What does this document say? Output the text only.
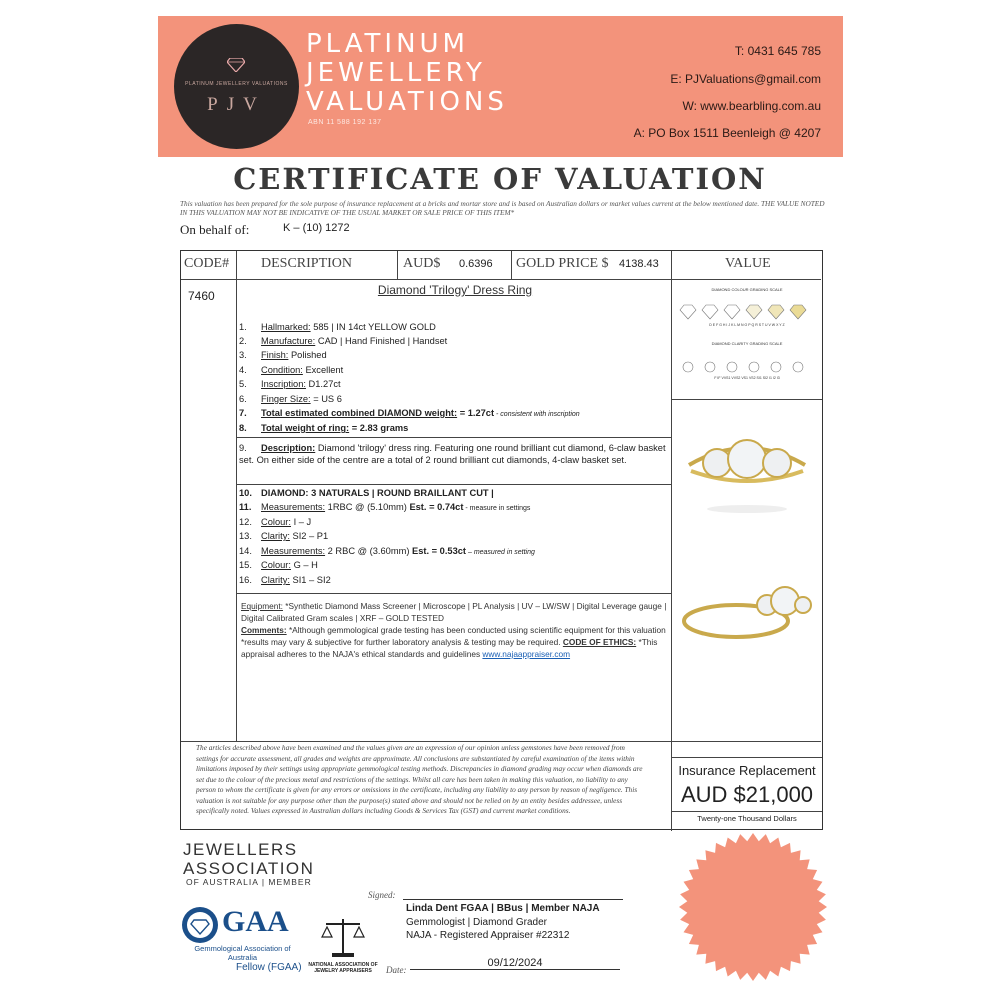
PLATINUM JEWELLERY VALUATIONS
PJV
PLATINUM
JEWELLERY
VALUATIONS
ABN 11 588 192 137
T: 0431 645 785
E: PJValuations@gmail.com
W: www.bearbling.com.au
A: PO Box 1511 Beenleigh @ 4207
CERTIFICATE OF VALUATION
This valuation has been prepared for the sole purpose of insurance replacement at a bricks and mortar store and is based on Australian dollars or market values current at the below mentioned date. THE VALUE NOTED IN THIS VALUATION MAY NOT BE INDICATIVE OF THE USUAL MARKET OR SALE PRICE OF THIS ITEM*
On behalf of:	K – (10) 1272
CODE# DESCRIPTION	AUD$ 0.6396 GOLD PRICE $ 4138.43	VALUE
7460	Diamond 'Trilogy' Dress Ring
1. Hallmarked: 585 | IN 14ct YELLOW GOLD
2. Manufacture: CAD | Hand Finished | Handset
3. Finish: Polished
4. Condition: Excellent
5. Inscription: D1.27ct
6. Finger Size: = US 6
7. Total estimated combined DIAMOND weight: = 1.27ct - consistent with inscription
8. Total weight of ring: = 2.83 grams
9. Description: Diamond 'trilogy' dress ring. Featuring one round brilliant cut diamond, 6-claw basket set. On either side of the centre are a total of 2 round brilliant cut diamonds, 4-claw basket set.
10. DIAMOND: 3 NATURALS | ROUND BRAILLANT CUT |
11. Measurements: 1RBC @ (5.10mm) Est. = 0.74ct - measure in settings
12. Colour: I – J
13. Clarity: SI2 – P1
14. Measurements: 2 RBC @ (3.60mm) Est. = 0.53ct – measured in setting
15. Colour: G – H
16. Clarity: SI1 – SI2
Equipment: *Synthetic Diamond Mass Screener | Microscope | PL Analysis | UV – LW/SW | Digital Leverage gauge | Digital Calibrated Gram scales | XRF – GOLD TESTED
Comments: *Although gemmological grade testing has been conducted using scientific equipment for this valuation *results may vary & subjective for further laboratory analysis & testing may be required. CODE OF ETHICS: *This appraisal adheres to the NAJA's ethical standards and guidelines www.najaappraiser.com
DIAMOND COLOUR GRADING SCALE
D E F G H I J K L M N O P Q R S T U V W X Y Z
DIAMOND CLARITY GRADING SCALE
F IF VVS1 VVS2 VS1 VS2 SI1 SI2 I1 I2 I3
The articles described above have been examined and the values given are an expression of our opinion unless gemstones have been removed from settings for accurate assessment, all grades and weights are approximate. All conclusions are substantiated by careful examination of the items within limitations imposed by their settings using appropriate gemmological testing methods. Discrepancies in diamond grading may occur when diamonds are set due to the colour of the precious metal and restrictions of the settings. Whilst all care has been taken in making this valuation, no liability to any person to whom the certificate is given for any errors or omissions in the certificate, including any liability to any person by reason of negligence. This valuation is not suitable for any purpose other than the purpose(s) stated above and should not be relied on by an entity besides addressee, unless specifically noted. Values expressed in Australian dollars including Goods & Services Tax (GST) and current market conditions.
Insurance Replacement
AUD $21,000
Twenty-one Thousand Dollars
JEWELLERS
ASSOCIATION
OF AUSTRALIA | MEMBER
GAA
Gemmological Association of Australia
Fellow (FGAA)	NATIONAL ASSOCIATION OF JEWELRY APPRAISERS
Signed:
Linda Dent FGAA | BBus | Member NAJA
Gemmologist | Diamond Grader
NAJA - Registered Appraiser #22312
Date:
09/12/2024
